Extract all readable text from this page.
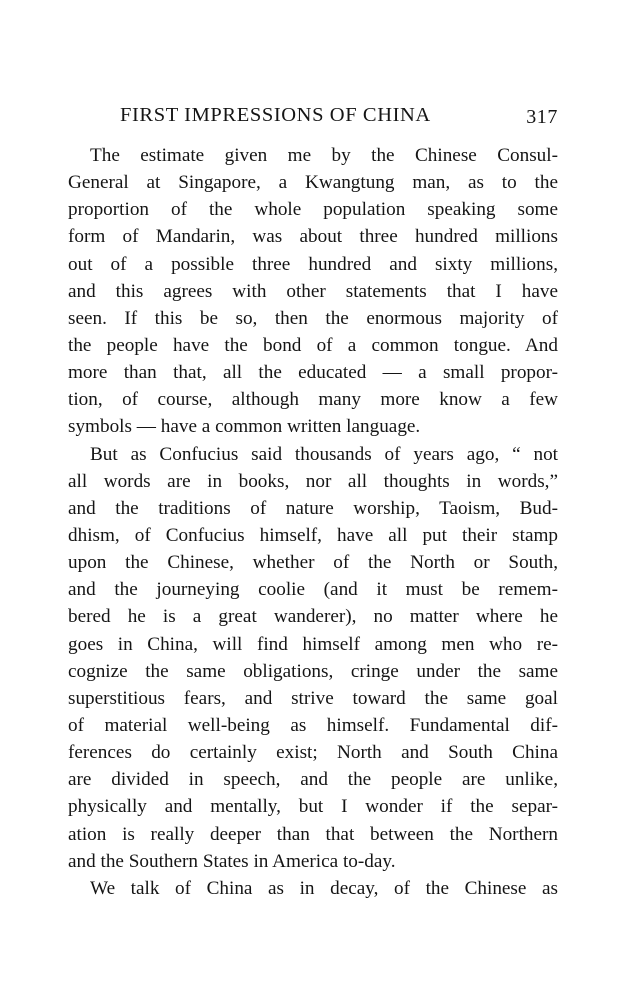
FIRST IMPRESSIONS OF CHINA	317
The estimate given me by the Chinese Consul-
General at Singapore, a Kwangtung man, as to the
proportion of the whole population speaking some
form of Mandarin, was about three hundred millions
out of a possible three hundred and sixty millions,
and this agrees with other statements that I have
seen. If this be so, then the enormous majority of
the people have the bond of a common tongue. And
more than that, all the educated — a small propor-
tion, of course, although many more know a few
symbols — have a common written language.
But as Confucius said thousands of years ago, “ not
all words are in books, nor all thoughts in words,”
and the traditions of nature worship, Taoism, Bud-
dhism, of Confucius himself, have all put their stamp
upon the Chinese, whether of the North or South,
and the journeying coolie (and it must be remem-
bered he is a great wanderer), no matter where he
goes in China, will find himself among men who re-
cognize the same obligations, cringe under the same
superstitious fears, and strive toward the same goal
of material well-being as himself. Fundamental dif-
ferences do certainly exist; North and South China
are divided in speech, and the people are unlike,
physically and mentally, but I wonder if the separ-
ation is really deeper than that between the Northern
and the Southern States in America to-day.
We talk of China as in decay, of the Chinese as
